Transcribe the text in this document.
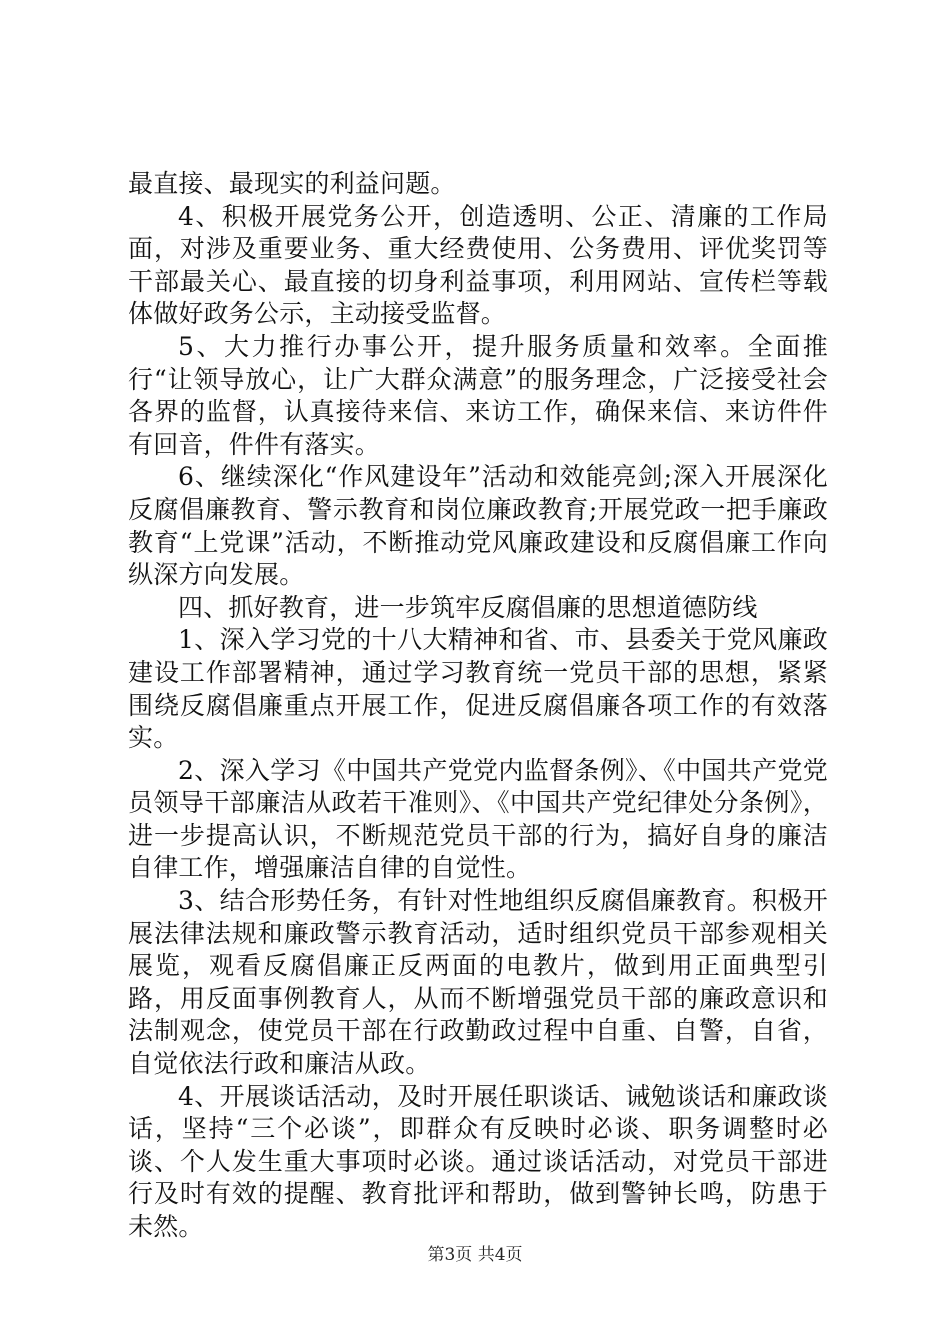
最直接、最现实的利益问题。

4、积极开展党务公开，创造透明、公正、清廉的工作局面，对涉及重要业务、重大经费使用、公务费用、评优奖罚等干部最关心、最直接的切身利益事项，利用网站、宣传栏等载体做好政务公示，主动接受监督。

5、大力推行办事公开，提升服务质量和效率。全面推行“让领导放心，让广大群众满意”的服务理念，广泛接受社会各界的监督，认真接待来信、来访工作，确保来信、来访件件有回音，件件有落实。

6、继续深化“作风建设年”活动和效能亮剑;深入开展深化反腐倡廉教育、警示教育和岗位廉政教育;开展党政一把手廉政教育“上党课”活动，不断推动党风廉政建设和反腐倡廉工作向纵深方向发展。

四、抓好教育，进一步筑牢反腐倡廉的思想道德防线

1、深入学习党的十八大精神和省、市、县委关于党风廉政建设工作部署精神，通过学习教育统一党员干部的思想，紧紧围绕反腐倡廉重点开展工作，促进反腐倡廉各项工作的有效落实。

2、深入学习《中国共产党党内监督条例》、《中国共产党党员领导干部廉洁从政若干准则》、《中国共产党纪律处分条例》，进一步提高认识，不断规范党员干部的行为，搞好自身的廉洁自律工作，增强廉洁自律的自觉性。

3、结合形势任务，有针对性地组织反腐倡廉教育。积极开展法律法规和廉政警示教育活动，适时组织党员干部参观相关展览，观看反腐倡廉正反两面的电教片，做到用正面典型引路，用反面事例教育人，从而不断增强党员干部的廉政意识和法制观念，使党员干部在行政勤政过程中自重、自警，自省，自觉依法行政和廉洁从政。

4、开展谈话活动，及时开展任职谈话、诫勉谈话和廉政谈话，坚持“三个必谈”，即群众有反映时必谈、职务调整时必谈、个人发生重大事项时必谈。通过谈话活动，对党员干部进行及时有效的提醒、教育批评和帮助，做到警钟长鸣，防患于未然。

第3页 共4页
